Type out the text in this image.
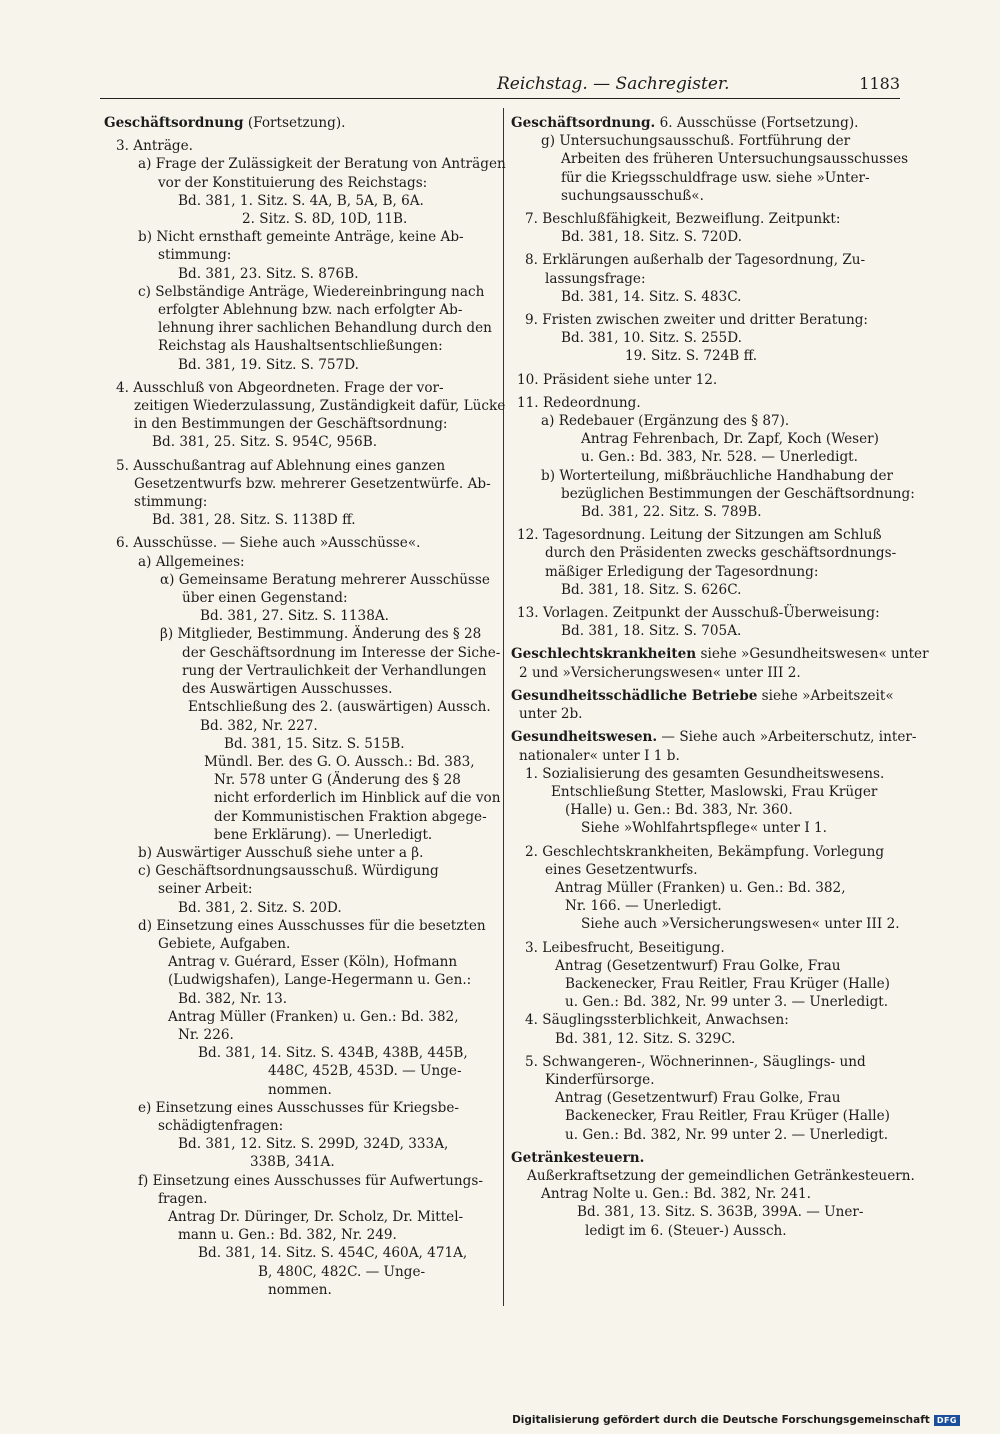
Reichstag. — Sachregister.	1183
Geschäftsordnung (Fortsetzung).
3. Anträge.
a) Frage der Zulässigkeit der Beratung von Anträgen
vor der Konstituierung des Reichstags:
Bd. 381, 1. Sitz. S. 4A, B, 5A, B, 6A.
2. Sitz. S. 8D, 10D, 11B.
b) Nicht ernsthaft gemeinte Anträge, keine Ab-
stimmung:
Bd. 381, 23. Sitz. S. 876B.
c) Selbständige Anträge, Wiedereinbringung nach
erfolgter Ablehnung bzw. nach erfolgter Ab-
lehnung ihrer sachlichen Behandlung durch den
Reichstag als Haushaltsentschließungen:
Bd. 381, 19. Sitz. S. 757D.
4. Ausschluß von Abgeordneten. Frage der vor-
zeitigen Wiederzulassung, Zuständigkeit dafür, Lücke
in den Bestimmungen der Geschäftsordnung:
Bd. 381, 25. Sitz. S. 954C, 956B.
5. Ausschußantrag auf Ablehnung eines ganzen
Gesetzentwurfs bzw. mehrerer Gesetzentwürfe. Ab-
stimmung:
Bd. 381, 28. Sitz. S. 1138D ff.
6. Ausschüsse. — Siehe auch »Ausschüsse«.
a) Allgemeines:
α) Gemeinsame Beratung mehrerer Ausschüsse
über einen Gegenstand:
Bd. 381, 27. Sitz. S. 1138A.
β) Mitglieder, Bestimmung. Änderung des § 28
der Geschäftsordnung im Interesse der Siche-
rung der Vertraulichkeit der Verhandlungen
des Auswärtigen Ausschusses.
Entschließung des 2. (auswärtigen) Aussch.
Bd. 382, Nr. 227.
Bd. 381, 15. Sitz. S. 515B.
Mündl. Ber. des G. O. Aussch.: Bd. 383,
Nr. 578 unter G (Änderung des § 28
nicht erforderlich im Hinblick auf die von
der Kommunistischen Fraktion abgege-
bene Erklärung). — Unerledigt.
b) Auswärtiger Ausschuß siehe unter a β.
c) Geschäftsordnungsausschuß. Würdigung
seiner Arbeit:
Bd. 381, 2. Sitz. S. 20D.
d) Einsetzung eines Ausschusses für die besetzten
Gebiete, Aufgaben.
Antrag v. Guérard, Esser (Köln), Hofmann
(Ludwigshafen), Lange-Hegermann u. Gen.:
Bd. 382, Nr. 13.
Antrag Müller (Franken) u. Gen.: Bd. 382,
Nr. 226.
Bd. 381, 14. Sitz. S. 434B, 438B, 445B,
448C, 452B, 453D. — Unge-
nommen.
e) Einsetzung eines Ausschusses für Kriegsbe-
schädigtenfragen:
Bd. 381, 12. Sitz. S. 299D, 324D, 333A,
338B, 341A.
f) Einsetzung eines Ausschusses für Aufwertungs-
fragen.
Antrag Dr. Düringer, Dr. Scholz, Dr. Mittel-
mann u. Gen.: Bd. 382, Nr. 249.
Bd. 381, 14. Sitz. S. 454C, 460A, 471A,
B, 480C, 482C. — Unge-
nommen.
Geschäftsordnung. 6. Ausschüsse (Fortsetzung).
g) Untersuchungsausschuß. Fortführung der
Arbeiten des früheren Untersuchungsausschusses
für die Kriegsschuldfrage usw. siehe »Unter-
suchungsausschuß«.
7. Beschlußfähigkeit, Bezweiflung. Zeitpunkt:
Bd. 381, 18. Sitz. S. 720D.
8. Erklärungen außerhalb der Tagesordnung, Zu-
lassungsfrage:
Bd. 381, 14. Sitz. S. 483C.
9. Fristen zwischen zweiter und dritter Beratung:
Bd. 381, 10. Sitz. S. 255D.
19. Sitz. S. 724B ff.
10. Präsident siehe unter 12.
11. Redeordnung.
a) Redebauer (Ergänzung des § 87).
Antrag Fehrenbach, Dr. Zapf, Koch (Weser)
u. Gen.: Bd. 383, Nr. 528. — Unerledigt.
b) Worterteilung, mißbräuchliche Handhabung der
bezüglichen Bestimmungen der Geschäftsordnung:
Bd. 381, 22. Sitz. S. 789B.
12. Tagesordnung. Leitung der Sitzungen am Schluß
durch den Präsidenten zwecks geschäftsordnungs-
mäßiger Erledigung der Tagesordnung:
Bd. 381, 18. Sitz. S. 626C.
13. Vorlagen. Zeitpunkt der Ausschuß-Überweisung:
Bd. 381, 18. Sitz. S. 705A.
Geschlechtskrankheiten siehe »Gesundheitswesen« unter
2 und »Versicherungswesen« unter III 2.
Gesundheitsschädliche Betriebe siehe »Arbeitszeit«
unter 2b.
Gesundheitswesen. — Siehe auch »Arbeiterschutz, inter-
nationaler« unter I 1 b.
1. Sozialisierung des gesamten Gesundheitswesens.
Entschließung Stetter, Maslowski, Frau Krüger
(Halle) u. Gen.: Bd. 383, Nr. 360.
Siehe »Wohlfahrtspflege« unter I 1.
2. Geschlechtskrankheiten, Bekämpfung. Vorlegung
eines Gesetzentwurfs.
Antrag Müller (Franken) u. Gen.: Bd. 382,
Nr. 166. — Unerledigt.
Siehe auch »Versicherungswesen« unter III 2.
3. Leibesfrucht, Beseitigung.
Antrag (Gesetzentwurf) Frau Golke, Frau
Backenecker, Frau Reitler, Frau Krüger (Halle)
u. Gen.: Bd. 382, Nr. 99 unter 3. — Unerledigt.
4. Säuglingssterblichkeit, Anwachsen:
Bd. 381, 12. Sitz. S. 329C.
5. Schwangeren-, Wöchnerinnen-, Säuglings- und
Kinderfürsorge.
Antrag (Gesetzentwurf) Frau Golke, Frau
Backenecker, Frau Reitler, Frau Krüger (Halle)
u. Gen.: Bd. 382, Nr. 99 unter 2. — Unerledigt.
Getränkesteuern.
Außerkraftsetzung der gemeindlichen Getränkesteuern.
Antrag Nolte u. Gen.: Bd. 382, Nr. 241.
Bd. 381, 13. Sitz. S. 363B, 399A. — Uner-
ledigt im 6. (Steuer-) Aussch.
Digitalisierung gefördert durch die Deutsche Forschungsgemeinschaft DFG
